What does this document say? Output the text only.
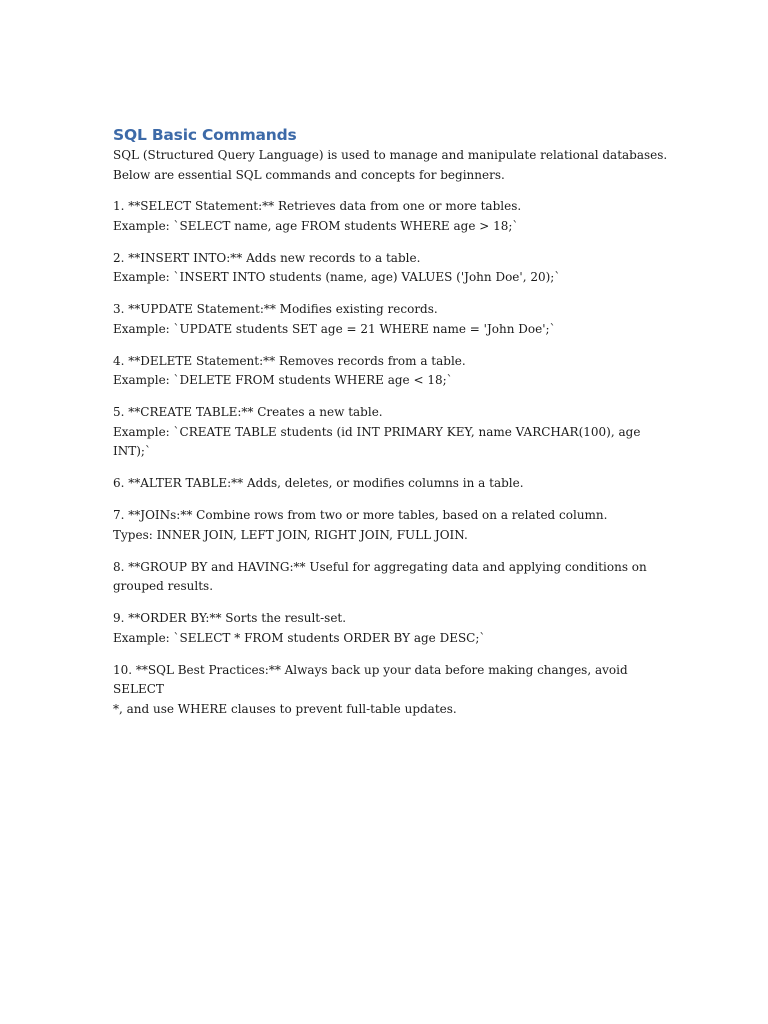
SQL Basic Commands

SQL (Structured Query Language) is used to manage and manipulate relational databases.
Below are essential SQL commands and concepts for beginners.

1. **SELECT Statement:** Retrieves data from one or more tables.
Example: `SELECT name, age FROM students WHERE age > 18;`
2. **INSERT INTO:** Adds new records to a table.
Example: `INSERT INTO students (name, age) VALUES ('John Doe', 20);`
3. **UPDATE Statement:** Modifies existing records.
Example: `UPDATE students SET age = 21 WHERE name = 'John Doe';`
4. **DELETE Statement:** Removes records from a table.
Example: `DELETE FROM students WHERE age < 18;`
5. **CREATE TABLE:** Creates a new table.
Example: `CREATE TABLE students (id INT PRIMARY KEY, name VARCHAR(100), age INT);`
6. **ALTER TABLE:** Adds, deletes, or modifies columns in a table.
7. **JOINs:** Combine rows from two or more tables, based on a related column.
Types: INNER JOIN, LEFT JOIN, RIGHT JOIN, FULL JOIN.
8. **GROUP BY and HAVING:** Useful for aggregating data and applying conditions on
grouped results.
9. **ORDER BY:** Sorts the result-set.
Example: `SELECT * FROM students ORDER BY age DESC;`
10. **SQL Best Practices:** Always back up your data before making changes, avoid SELECT
*, and use WHERE clauses to prevent full-table updates.
